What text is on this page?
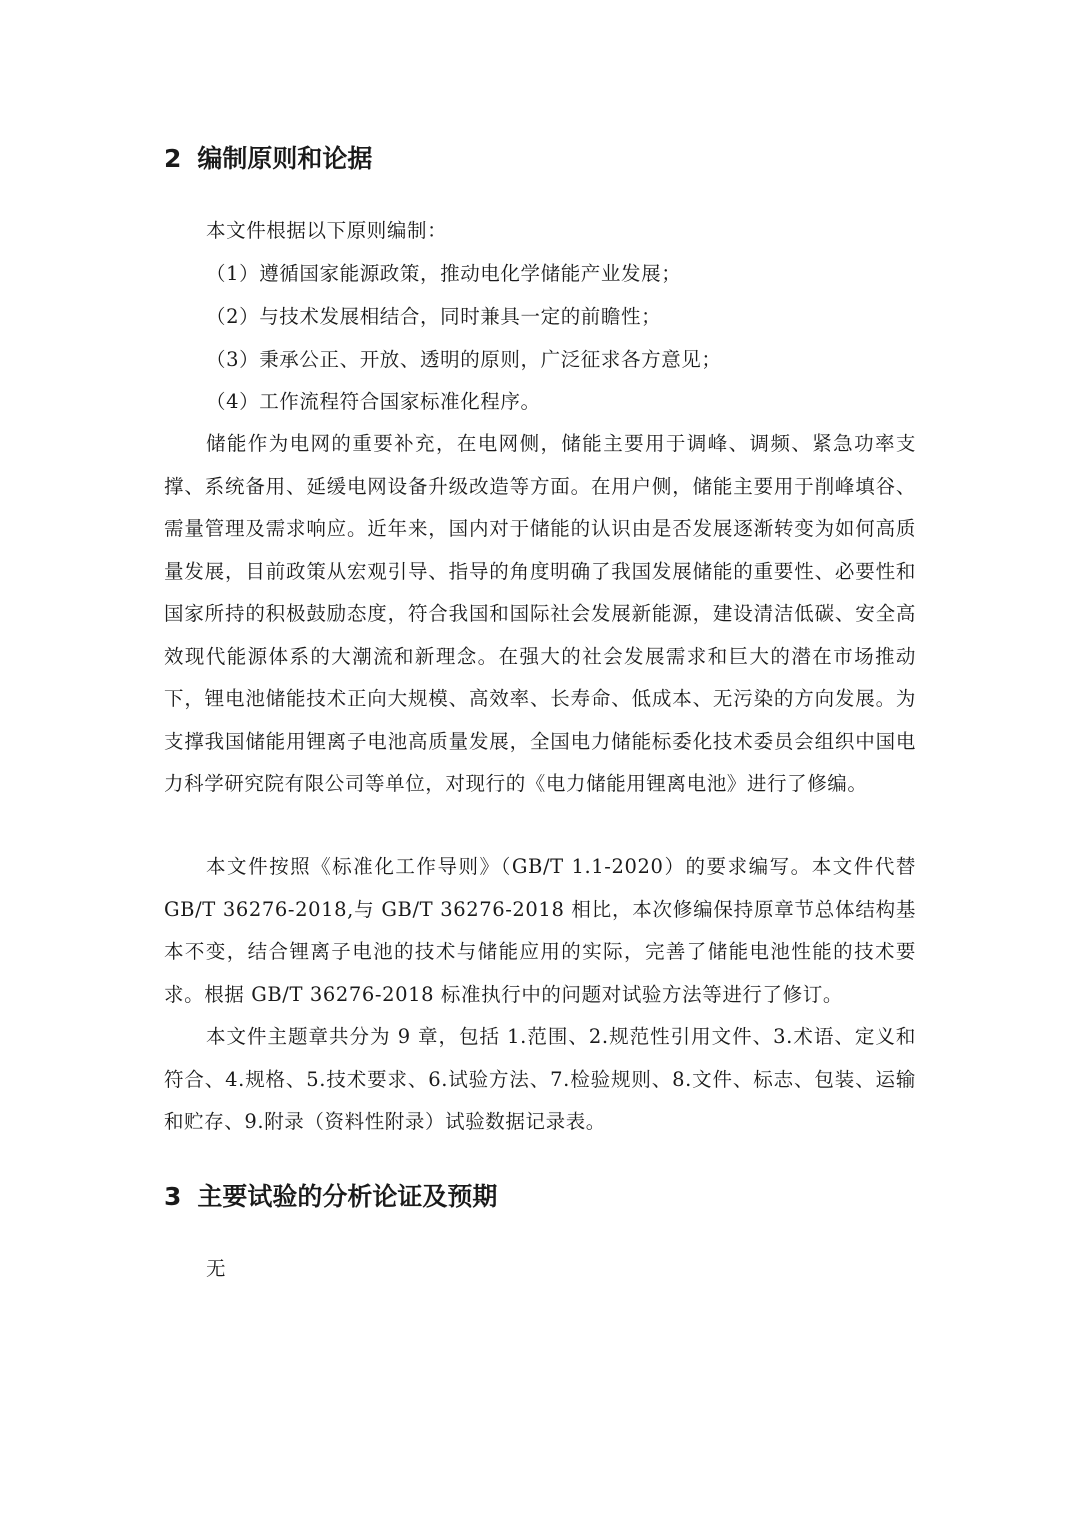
2 编制原则和论据

本文件根据以下原则编制：

（1）遵循国家能源政策，推动电化学储能产业发展；

（2）与技术发展相结合，同时兼具一定的前瞻性；

（3）秉承公正、开放、透明的原则，广泛征求各方意见；

（4）工作流程符合国家标准化程序。

储能作为电网的重要补充，在电网侧，储能主要用于调峰、调频、紧急功率支撑、系统备用、延缓电网设备升级改造等方面。在用户侧，储能主要用于削峰填谷、需量管理及需求响应。近年来，国内对于储能的认识由是否发展逐渐转变为如何高质量发展，目前政策从宏观引导、指导的角度明确了我国发展储能的重要性、必要性和国家所持的积极鼓励态度，符合我国和国际社会发展新能源，建设清洁低碳、安全高效现代能源体系的大潮流和新理念。在强大的社会发展需求和巨大的潜在市场推动下，锂电池储能技术正向大规模、高效率、长寿命、低成本、无污染的方向发展。为支撑我国储能用锂离子电池高质量发展，全国电力储能标委化技术委员会组织中国电力科学研究院有限公司等单位，对现行的《电力储能用锂离电池》进行了修编。

本文件按照《标准化工作导则》（GB/T 1.1-2020）的要求编写。本文件代替 GB/T 36276-2018,与 GB/T 36276-2018 相比，本次修编保持原章节总体结构基本不变，结合锂离子电池的技术与储能应用的实际，完善了储能电池性能的技术要求。根据 GB/T 36276-2018 标准执行中的问题对试验方法等进行了修订。

本文件主题章共分为 9 章，包括 1.范围、2.规范性引用文件、3.术语、定义和符合、4.规格、5.技术要求、6.试验方法、7.检验规则、8.文件、标志、包装、运输和贮存、9.附录（资料性附录）试验数据记录表。

3 主要试验的分析论证及预期

无
